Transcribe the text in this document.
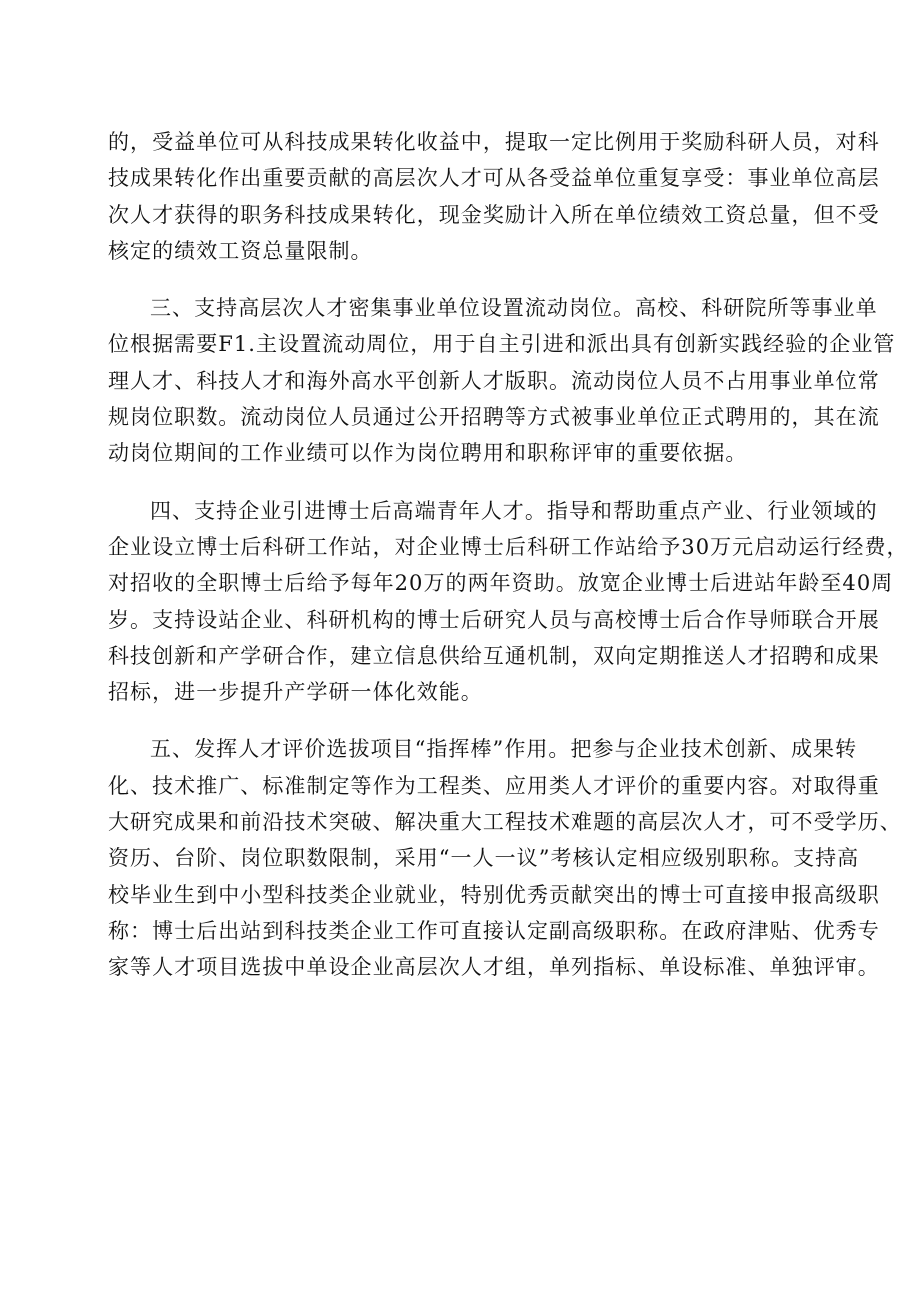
的，受益单位可从科技成果转化收益中，提取一定比例用于奖励科研人员，对科
技成果转化作出重要贡献的高层次人才可从各受益单位重复享受：事业单位高层
次人才获得的职务科技成果转化，现金奖励计入所在单位绩效工资总量，但不受
核定的绩效工资总量限制。

三、支持高层次人才密集事业单位设置流动岗位。高校、科研院所等事业单
位根据需要F1.主设置流动周位，用于自主引进和派出具有创新实践经验的企业管
理人才、科技人才和海外高水平创新人才版职。流动岗位人员不占用事业单位常
规岗位职数。流动岗位人员通过公开招聘等方式被事业单位正式聘用的，其在流
动岗位期间的工作业绩可以作为岗位聘用和职称评审的重要依据。

四、支持企业引进博士后高端青年人才。指导和帮助重点产业、行业领域的
企业设立博士后科研工作站，对企业博士后科研工作站给予30万元启动运行经费，
对招收的全职博士后给予每年20万的两年资助。放宽企业博士后进站年龄至40周
岁。支持设站企业、科研机构的博士后研究人员与高校博士后合作导师联合开展
科技创新和产学研合作，建立信息供给互通机制，双向定期推送人才招聘和成果
招标，进一步提升产学研一体化效能。

五、发挥人才评价选拔项目“指挥棒”作用。把参与企业技术创新、成果转
化、技术推广、标准制定等作为工程类、应用类人才评价的重要内容。对取得重
大研究成果和前沿技术突破、解决重大工程技术难题的高层次人才，可不受学历、
资历、台阶、岗位职数限制，采用“一人一议”考核认定相应级别职称。支持高
校毕业生到中小型科技类企业就业，特别优秀贡献突出的博士可直接申报高级职
称：博士后出站到科技类企业工作可直接认定副高级职称。在政府津贴、优秀专
家等人才项目选拔中单设企业高层次人才组，单列指标、单设标准、单独评审。
